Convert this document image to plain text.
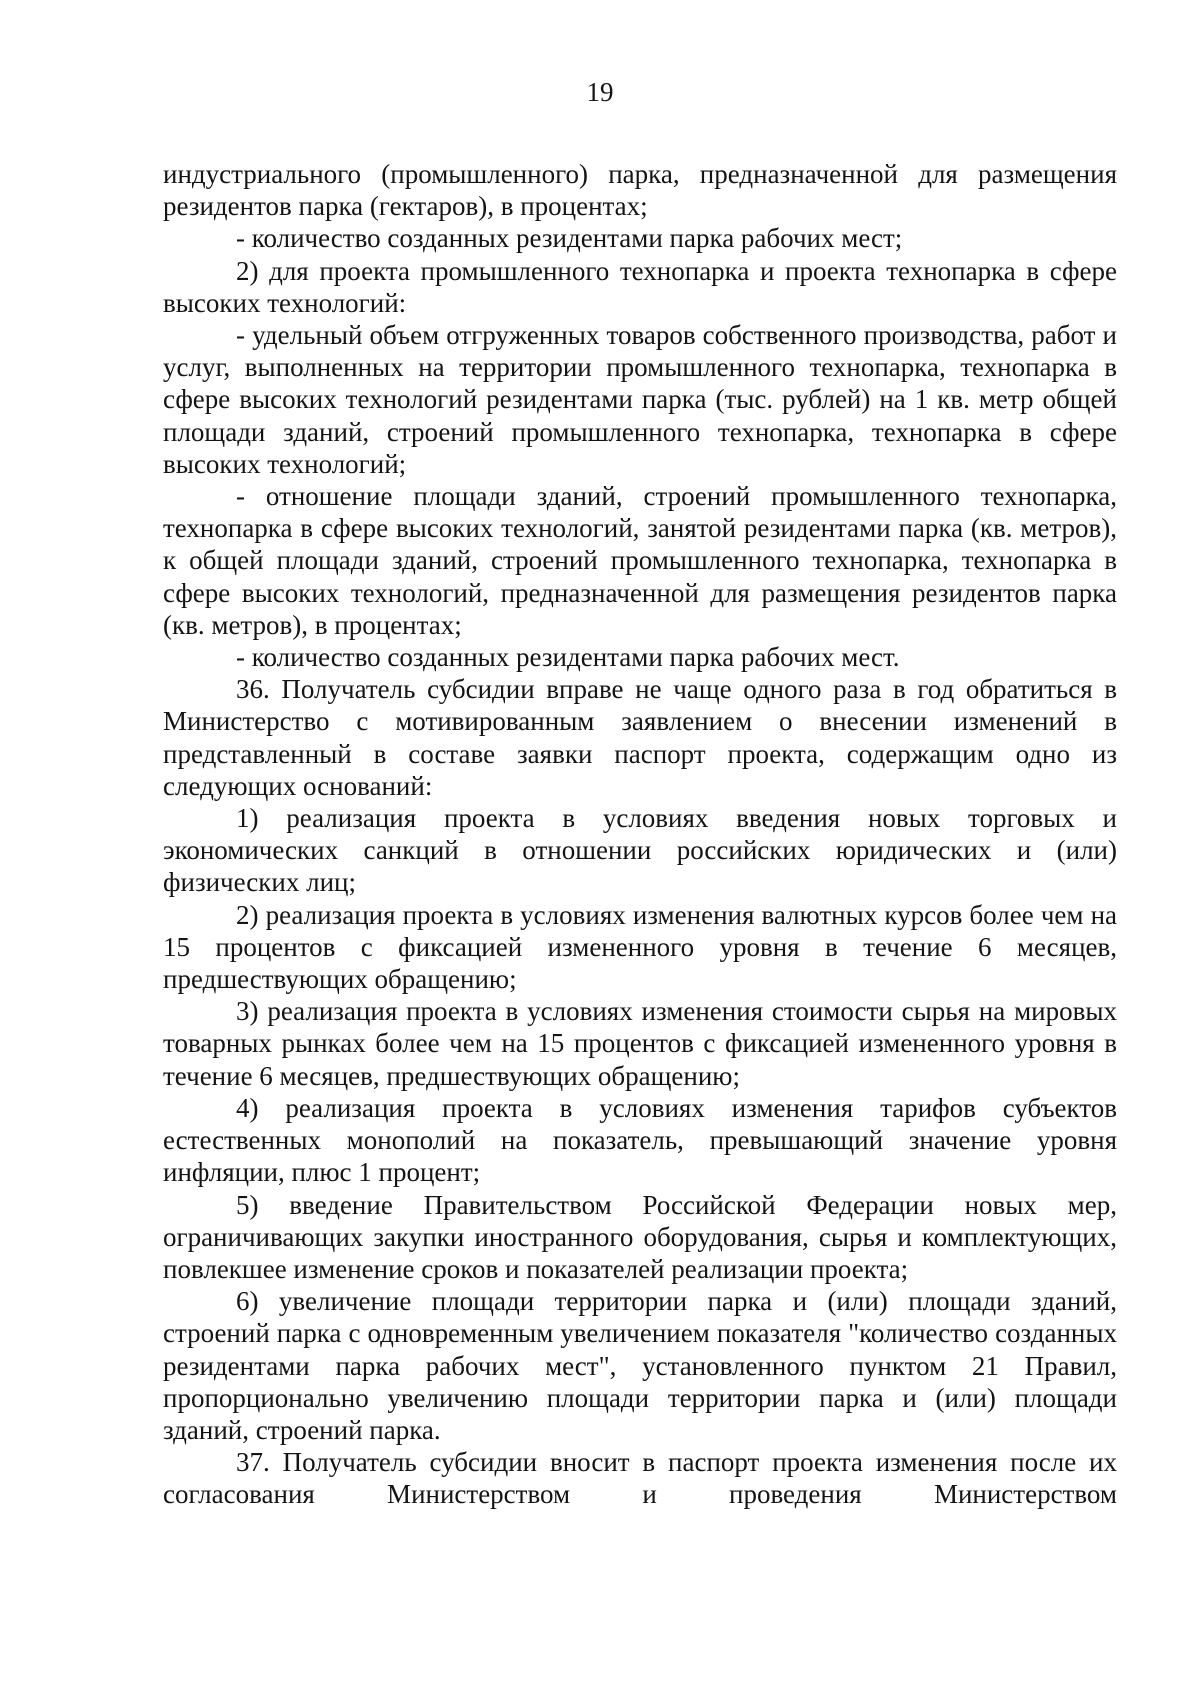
19

индустриального (промышленного) парка, предназначенной для размещения резидентов парка (гектаров), в процентах;

- количество созданных резидентами парка рабочих мест;

2) для проекта промышленного технопарка и проекта технопарка в сфере высоких технологий:

- удельный объем отгруженных товаров собственного производства, работ и услуг, выполненных на территории промышленного технопарка, технопарка в сфере высоких технологий резидентами парка (тыс. рублей) на 1 кв. метр общей площади зданий, строений промышленного технопарка, технопарка в сфере высоких технологий;

- отношение площади зданий, строений промышленного технопарка, технопарка в сфере высоких технологий, занятой резидентами парка (кв. метров), к общей площади зданий, строений промышленного технопарка, технопарка в сфере высоких технологий, предназначенной для размещения резидентов парка (кв. метров), в процентах;

- количество созданных резидентами парка рабочих мест.

36. Получатель субсидии вправе не чаще одного раза в год обратиться в Министерство с мотивированным заявлением о внесении изменений в представленный в составе заявки паспорт проекта, содержащим одно из следующих оснований:

1) реализация проекта в условиях введения новых торговых и экономических санкций в отношении российских юридических и (или) физических лиц;

2) реализация проекта в условиях изменения валютных курсов более чем на 15 процентов с фиксацией измененного уровня в течение 6 месяцев, предшествующих обращению;

3) реализация проекта в условиях изменения стоимости сырья на мировых товарных рынках более чем на 15 процентов с фиксацией измененного уровня в течение 6 месяцев, предшествующих обращению;

4) реализация проекта в условиях изменения тарифов субъектов естественных монополий на показатель, превышающий значение уровня инфляции, плюс 1 процент;

5) введение Правительством Российской Федерации новых мер, ограничивающих закупки иностранного оборудования, сырья и комплектующих, повлекшее изменение сроков и показателей реализации проекта;

6) увеличение площади территории парка и (или) площади зданий, строений парка с одновременным увеличением показателя "количество созданных резидентами парка рабочих мест", установленного пунктом 21 Правил, пропорционально увеличению площади территории парка и (или) площади зданий, строений парка.

37. Получатель субсидии вносит в паспорт проекта изменения после их согласования Министерством и проведения Министерством
